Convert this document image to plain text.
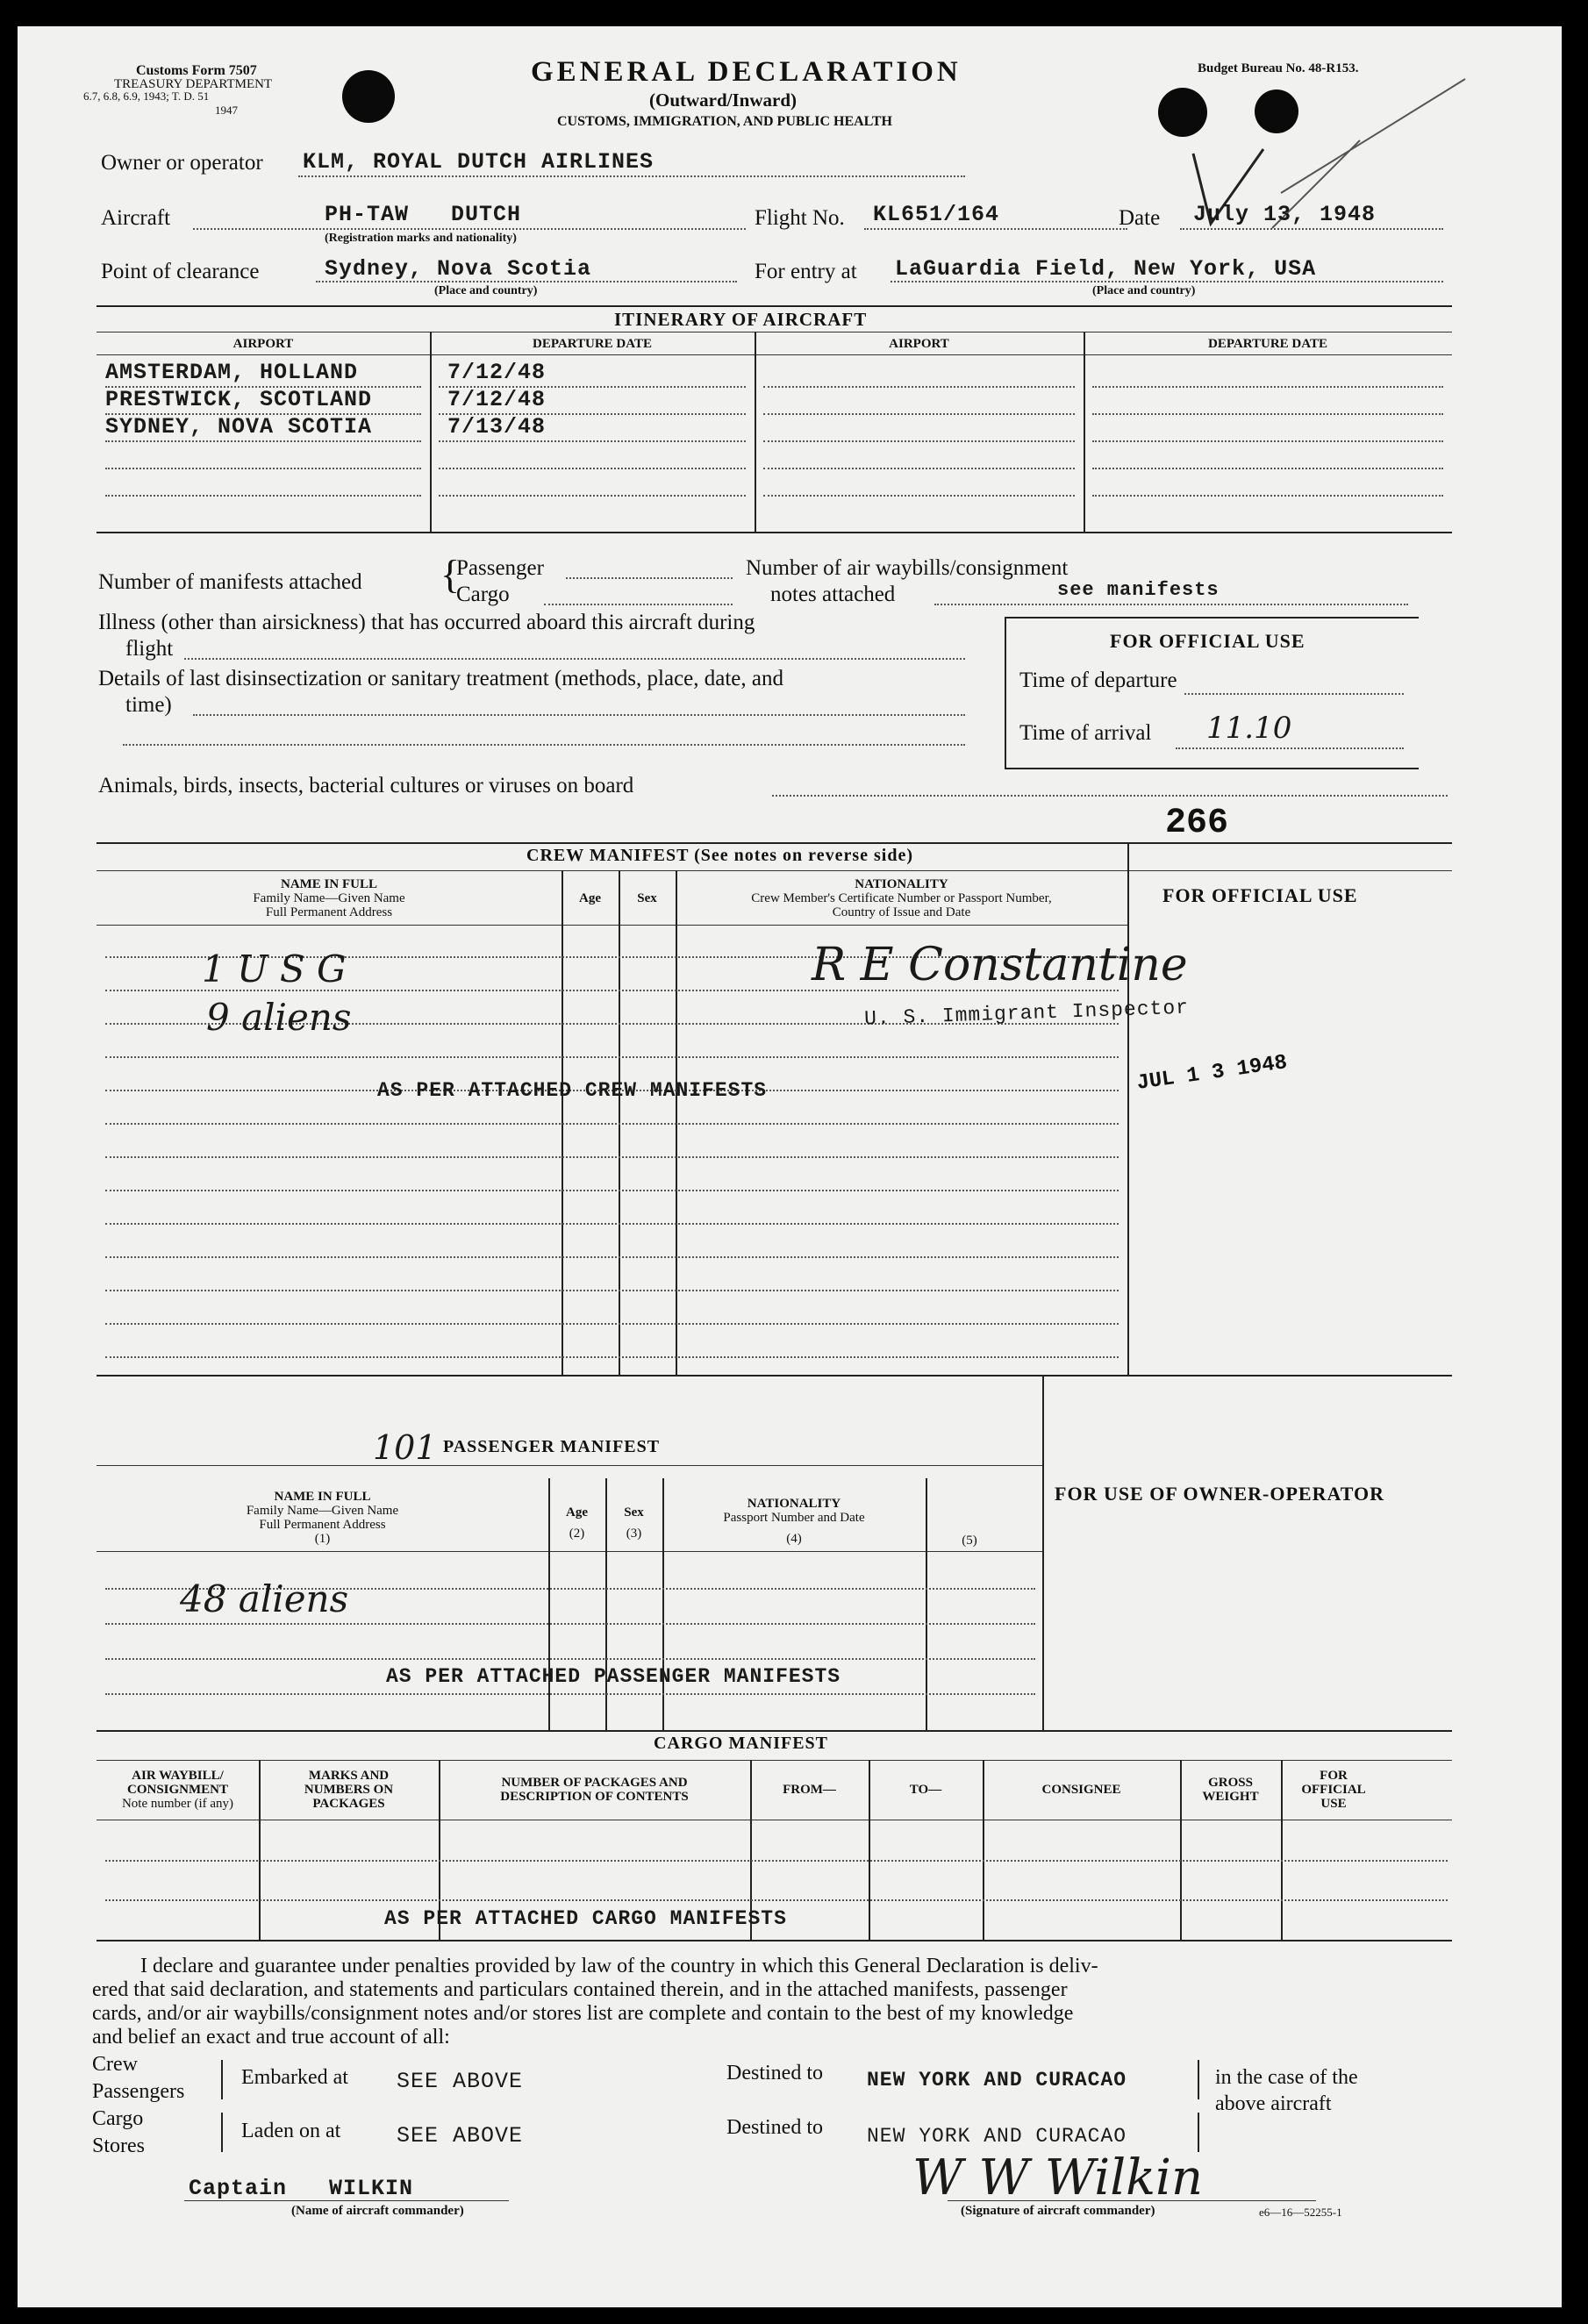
Customs Form 7507
TREASURY DEPARTMENT
6.7, 6.8, 6.9, 1943; T. D. 51
1947
GENERAL DECLARATION
(Outward/Inward)
CUSTOMS, IMMIGRATION, AND PUBLIC HEALTH
Budget Bureau No. 48-R153.
Owner or operator KLM, ROYAL DUTCH AIRLINES
Aircraft	PH-TAW   DUTCH
(Registration marks and nationality)
Flight No. KL651/164	Date July 13, 1948
Point of clearance	Sydney, Nova Scotia
(Place and country)
For entry at LaGuardia Field, New York, USA
(Place and country)
ITINERARY OF AIRCRAFT
AIRPORT	DEPARTURE DATE	AIRPORT	DEPARTURE DATE
AMSTERDAM, HOLLAND	7/12/48
PRESTWICK, SCOTLAND	7/12/48
SYDNEY, NOVA SCOTIA	7/13/48
Number of manifests attached {
Passenger
Cargo
Number of air waybills/consignment
notes attached	see manifests
Illness (other than airsickness) that has occurred aboard this aircraft during
flight
Details of last disinsectization or sanitary treatment (methods, place, date, and
time)
Animals, birds, insects, bacterial cultures or viruses on board
FOR OFFICIAL USE
Time of departure
Time of arrival 11.10
266
CREW MANIFEST (See notes on reverse side)
NAME IN FULL
Family Name—Given Name
Full Permanent Address
Age	Sex
NATIONALITY
Crew Member's Certificate Number or Passport Number,
Country of Issue and Date
FOR OFFICIAL USE
1 U S G
9 aliens
AS PER ATTACHED CREW MANIFESTS
R E Constantine
U. S. Immigrant Inspector
JUL 1 3 1948
101 PASSENGER MANIFEST
NAME IN FULL
Family Name—Given Name
Full Permanent Address
(1)
Age
(2)
Sex
(3)
NATIONALITY
Passport Number and Date
(4)	(5)
FOR USE OF OWNER-OPERATOR
48 aliens
AS PER ATTACHED PASSENGER MANIFESTS
CARGO MANIFEST
AIR WAYBILL/
CONSIGNMENT
Note number (if any)
MARKS AND
NUMBERS ON
PACKAGES
NUMBER OF PACKAGES AND
DESCRIPTION OF CONTENTS	FROM—	TO—	CONSIGNEE	GROSS
WEIGHT
FOR
OFFICIAL
USE
AS PER ATTACHED CARGO MANIFESTS
I declare and guarantee under penalties provided by law of the country in which this General Declaration is deliv-
ered that said declaration, and statements and particulars contained therein, and in the attached manifests, passenger
cards, and/or air waybills/consignment notes and/or stores list are complete and contain to the best of my knowledge
and belief an exact and true account of all:
Crew
Passengers
Cargo
Stores
Embarked at SEE ABOVE
Laden on at	SEE ABOVE
Destined to NEW YORK AND CURACAO
Destined to NEW YORK AND CURACAO
in the case of the
above aircraft
Captain   WILKIN
(Name of aircraft commander)
W W Wilkin
(Signature of aircraft commander)	e6—16—52255-1
